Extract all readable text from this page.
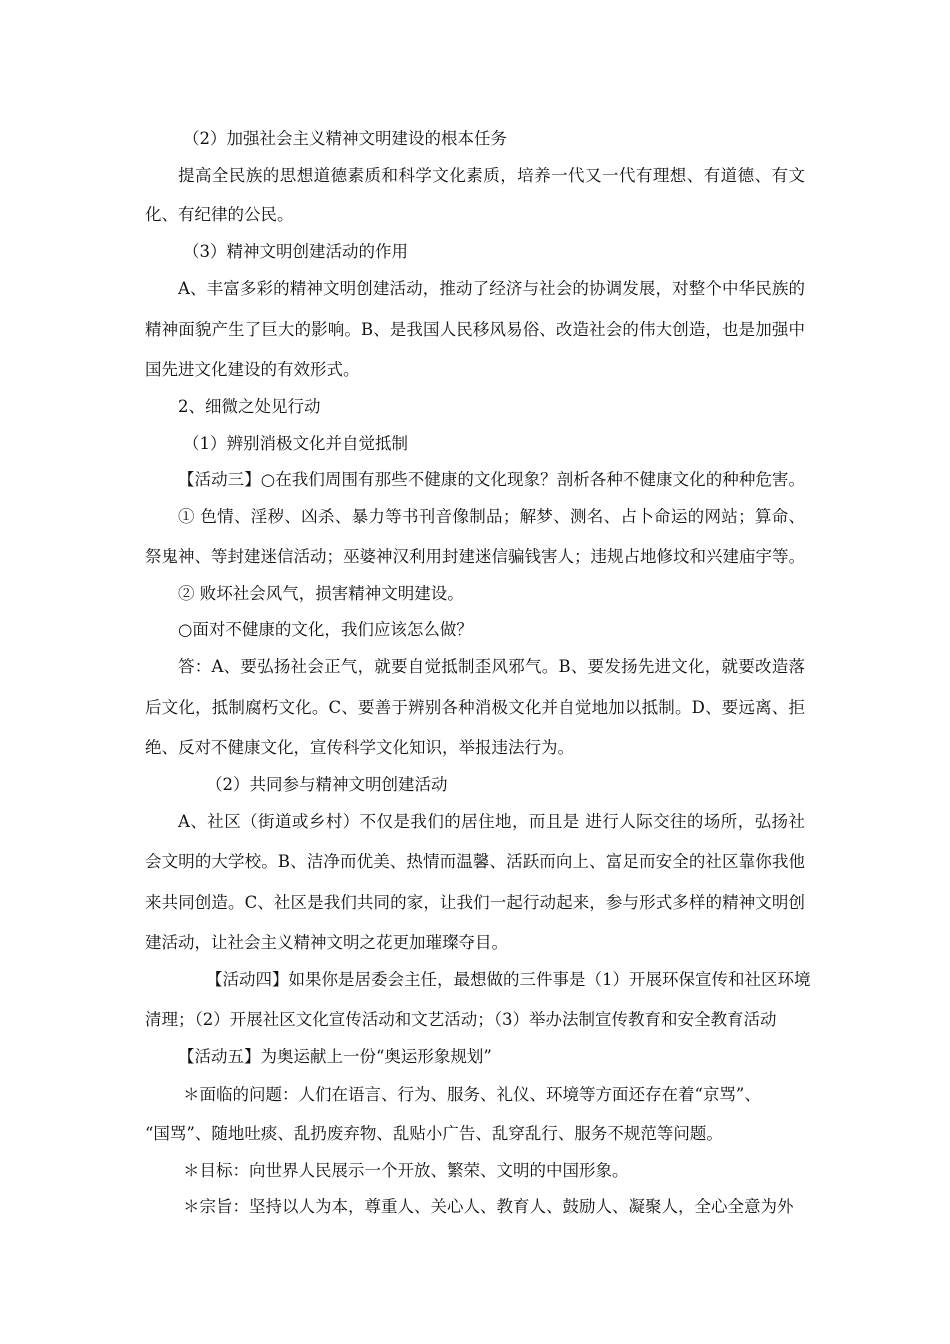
（2）加强社会主义精神文明建设的根本任务
提高全民族的思想道德素质和科学文化素质，培养一代又一代有理想、有道德、有文
化、有纪律的公民。
（3）精神文明创建活动的作用
A、丰富多彩的精神文明创建活动，推动了经济与社会的协调发展，对整个中华民族的
精神面貌产生了巨大的影响。B、是我国人民移风易俗、改造社会的伟大创造，也是加强中
国先进文化建设的有效形式。
2、细微之处见行动
（1）辨别消极文化并自觉抵制
【活动三】○在我们周围有那些不健康的文化现象？剖析各种不健康文化的种种危害。
① 色情、淫秽、凶杀、暴力等书刊音像制品；解梦、测名、占卜命运的网站；算命、
祭鬼神、等封建迷信活动；巫婆神汉利用封建迷信骗钱害人；违规占地修坟和兴建庙宇等。
② 败坏社会风气，损害精神文明建设。
○面对不健康的文化，我们应该怎么做？
答：A、要弘扬社会正气，就要自觉抵制歪风邪气。B、要发扬先进文化，就要改造落
后文化，抵制腐朽文化。C、要善于辨别各种消极文化并自觉地加以抵制。D、要远离、拒
绝、反对不健康文化，宣传科学文化知识，举报违法行为。
（2）共同参与精神文明创建活动
A、社区（街道或乡村）不仅是我们的居住地，而且是 进行人际交往的场所，弘扬社
会文明的大学校。B、洁净而优美、热情而温馨、活跃而向上、富足而安全的社区靠你我他
来共同创造。C、社区是我们共同的家，让我们一起行动起来，参与形式多样的精神文明创
建活动，让社会主义精神文明之花更加璀璨夺目。
【活动四】如果你是居委会主任，最想做的三件事是（1）开展环保宣传和社区环境
清理；（2）开展社区文化宣传活动和文艺活动；（3）举办法制宣传教育和安全教育活动
【活动五】为奥运献上一份“奥运形象规划”
＊面临的问题：人们在语言、行为、服务、礼仪、环境等方面还存在着“京骂”、
“国骂”、随地吐痰、乱扔废弃物、乱贴小广告、乱穿乱行、服务不规范等问题。
＊目标：向世界人民展示一个开放、繁荣、文明的中国形象。
＊宗旨：坚持以人为本，尊重人、关心人、教育人、鼓励人、凝聚人，全心全意为外
